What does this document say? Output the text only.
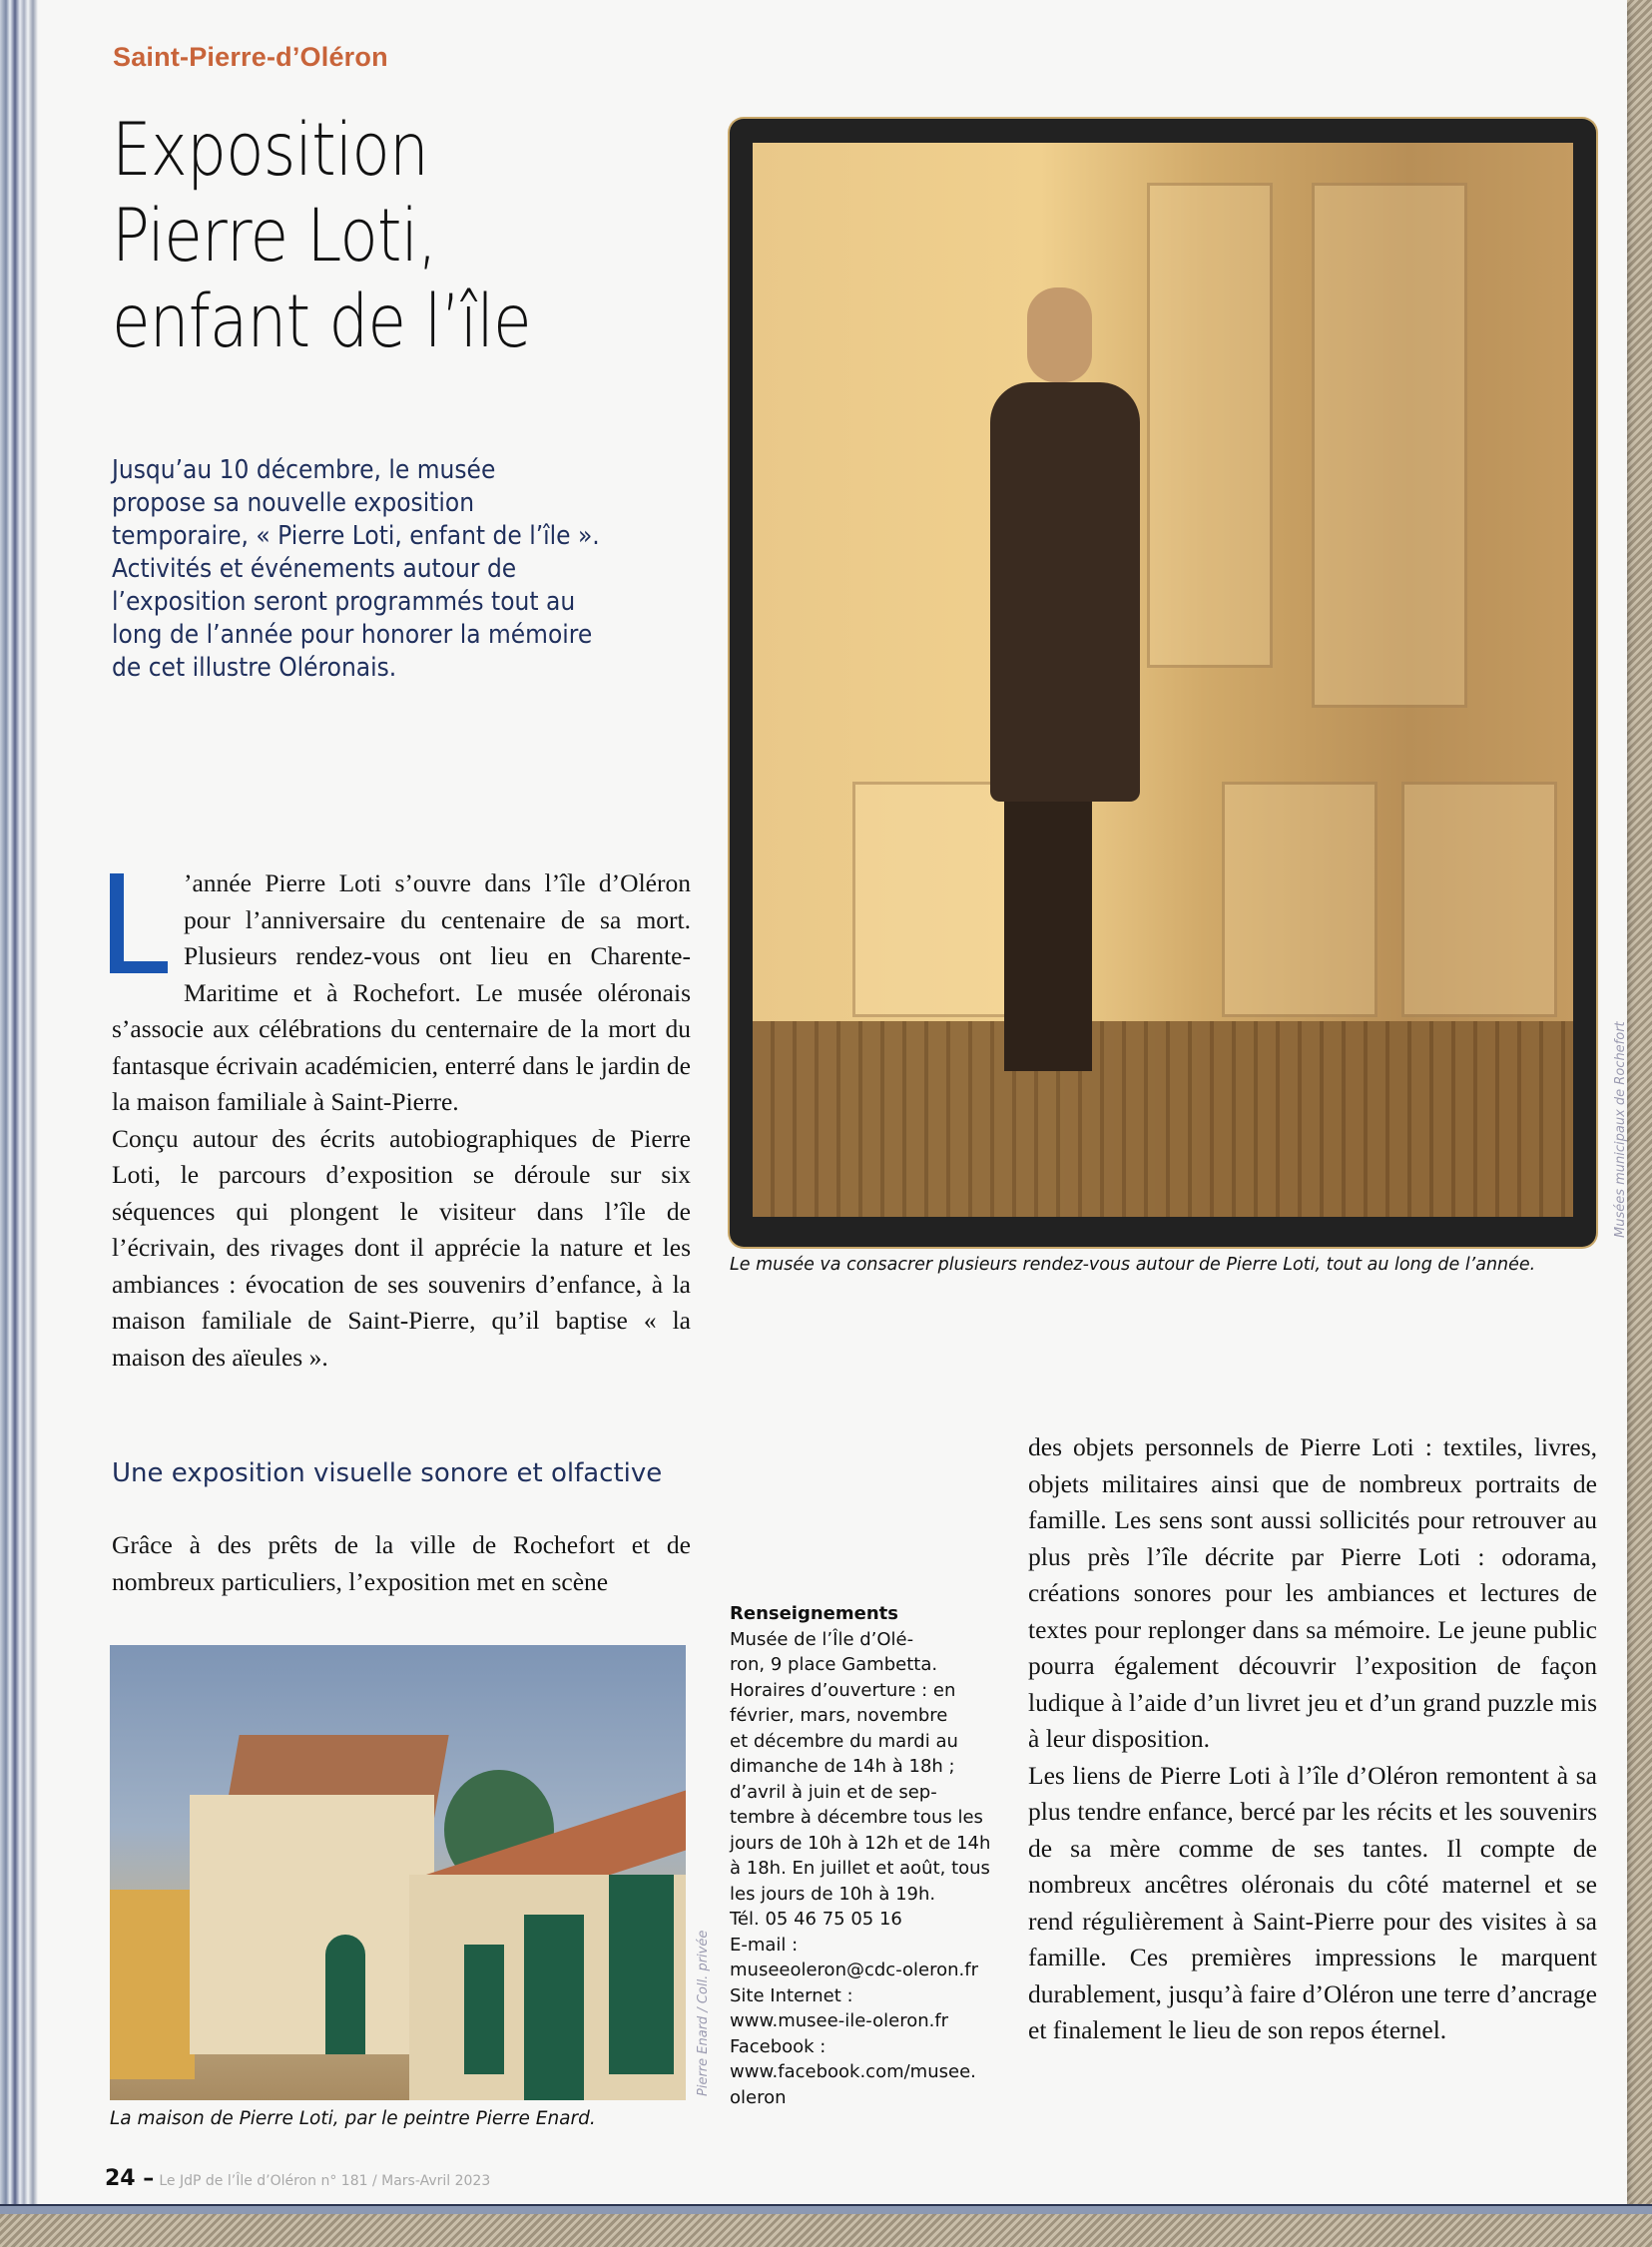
Saint-Pierre-d’Oléron
Exposition
Pierre Loti,
enfant de l’île
Jusqu’au 10 décembre, le musée
propose sa nouvelle exposition
temporaire, « Pierre Loti, enfant de l’île ».
Activités et événements autour de
l’exposition seront programmés tout au
long de l’année pour honorer la mémoire
de cet illustre Oléronais.

’année Pierre Loti s’ouvre dans l’île d’Oléron pour l’anniversaire du centenaire de sa mort. Plusieurs rendez-vous ont lieu en Charente-Maritime et à Rochefort. Le musée oléronais s’associe aux célébrations du centernaire de la mort du fantasque écrivain académicien, enterré dans le jardin de la maison familiale à Saint-Pierre.

Conçu autour des écrits autobiographiques de Pierre Loti, le parcours d’exposition se déroule sur six séquences qui plongent le visiteur dans l’île de l’écrivain, des rivages dont il apprécie la nature et les ambiances : évocation de ses souvenirs d’enfance, à la maison familiale de Saint-Pierre, qu’il baptise « la maison des aïeules ».

Une exposition visuelle sonore et olfactive

Grâce à des prêts de la ville de Rochefort et de nombreux particuliers, l’exposition met en scène

Musées municipaux de Rochefort
Le musée va consacrer plusieurs rendez-vous autour de Pierre Loti, tout au long de l’année.
Pierre Enard / Coll. privée
La maison de Pierre Loti, par le peintre Pierre Enard.
Renseignements
Musée de l’Île d’Olé-
ron, 9 place Gambetta.
Horaires d’ouverture : en
février, mars, novembre
et décembre du mardi au
dimanche de 14h à 18h ;
d’avril à juin et de sep-
tembre à décembre tous les
jours de 10h à 12h et de 14h
à 18h. En juillet et août, tous
les jours de 10h à 19h.
Tél. 05 46 75 05 16
E-mail :
museeoleron@cdc-oleron.fr
Site Internet :
www.musee-ile-oleron.fr
Facebook :
www.facebook.com/musee.
oleron

des objets personnels de Pierre Loti : textiles, livres, objets militaires ainsi que de nombreux portraits de famille. Les sens sont aussi sollicités pour retrouver au plus près l’île décrite par Pierre Loti : odorama, créations sonores pour les ambiances et lectures de textes pour replonger dans sa mémoire. Le jeune public pourra également découvrir l’exposition de façon ludique à l’aide d’un livret jeu et d’un grand puzzle mis à leur disposition.

Les liens de Pierre Loti à l’île d’Oléron remontent à sa plus tendre enfance, bercé par les récits et les souvenirs de sa mère comme de ses tantes. Il compte de nombreux ancêtres oléronais du côté maternel et se rend régulièrement à Saint-Pierre pour des visites à sa famille. Ces premières impressions le marquent durablement, jusqu’à faire d’Oléron une terre d’ancrage et finalement le lieu de son repos éternel.

24 – Le JdP de l’Île d’Oléron n° 181 / Mars-Avril 2023
